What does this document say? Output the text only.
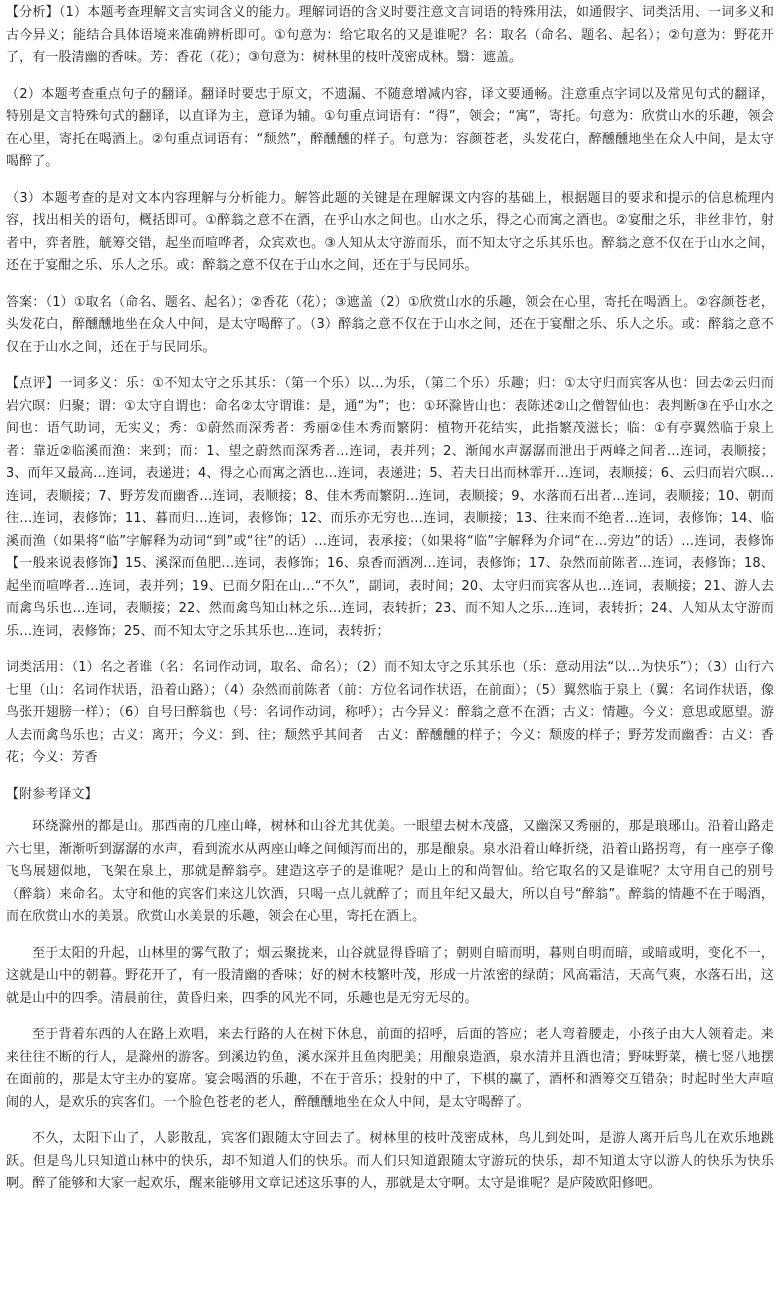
【分析】（1）本题考查理解文言实词含义的能力。理解词语的含义时要注意文言词语的特殊用法，如通假字、词类活用、一词多义和古今异义；能结合具体语境来准确辨析即可。①句意为：给它取名的又是谁呢？名：取名（命名、题名、起名）；②句意为：野花开了，有一股清幽的香味。芳：香花（花）；③句意为：树林里的枝叶茂密成林。翳：遮盖。

（2）本题考查重点句子的翻译。翻译时要忠于原文，不遗漏、不随意增减内容，译文要通畅。注意重点字词以及常见句式的翻译，特别是文言特殊句式的翻译，以直译为主，意译为辅。①句重点词语有：“得”，领会；“寓”，寄托。句意为：欣赏山水的乐趣，领会在心里，寄托在喝酒上。②句重点词语有：“颓然”，醉醺醺的样子。句意为：容颜苍老，头发花白，醉醺醺地坐在众人中间，是太守喝醉了。

（3）本题考查的是对文本内容理解与分析能力。解答此题的关键是在理解课文内容的基础上，根据题目的要求和提示的信息梳理内容，找出相关的语句，概括即可。①醉翁之意不在酒，在乎山水之间也。山水之乐，得之心而寓之酒也。②宴酣之乐，非丝非竹，射者中，弈者胜，觥筹交错，起坐而喧哗者，众宾欢也。③人知从太守游而乐，而不知太守之乐其乐也。醉翁之意不仅在于山水之间，还在于宴酣之乐、乐人之乐。或：醉翁之意不仅在于山水之间，还在于与民同乐。

答案：（1）①取名（命名、题名、起名）；②香花（花）；③遮盖（2）①欣赏山水的乐趣，领会在心里，寄托在喝酒上。②容颜苍老，头发花白，醉醺醺地坐在众人中间，是太守喝醉了。（3）醉翁之意不仅在于山水之间，还在于宴酣之乐、乐人之乐。或：醉翁之意不仅在于山水之间，还在于与民同乐。

【点评】一词多义：乐：①不知太守之乐其乐：（第一个乐）以…为乐，（第二个乐）乐趣；归：①太守归而宾客从也：回去②云归而岩穴暝：归聚；谓：①太守自谓也：命名②太守谓谁：是，通“为”；也：①环滁皆山也：表陈述②山之僧智仙也：表判断③在乎山水之间也：语气助词，无实义；秀：①蔚然而深秀者：秀丽②佳木秀而繁阴：植物开花结实，此指繁茂滋长；临：①有亭翼然临于泉上者：靠近②临溪而渔：来到；而：1、望之蔚然而深秀者…连词，表并列；2、渐闻水声潺潺而泄出于两峰之间者…连词，表顺接；3、而年又最高…连词，表递进；4、得之心而寓之酒也…连词，表递进；5、若夫日出而林霏开…连词，表顺接；6、云归而岩穴暝…连词，表顺接；7、野芳发而幽香…连词，表顺接；8、佳木秀而繁阴…连词，表顺接；9、水落而石出者…连词，表顺接；10、朝而往…连词，表修饰；11、暮而归…连词，表修饰；12、而乐亦无穷也…连词，表顺接；13、往来而不绝者…连词，表修饰；14、临溪而渔（如果将“临”字解释为动词“到”或“往”的话）…连词，表承接；（如果将“临”字解释为介词“在…旁边”的话）…连词，表修饰【一般来说表修饰】15、溪深而鱼肥…连词，表修饰；16、泉香而酒冽…连词，表修饰；17、杂然而前陈者…连词，表修饰；18、起坐而喧哗者…连词，表并列；19、已而夕阳在山…“不久”，副词，表时间；20、太守归而宾客从也…连词，表顺接；21、游人去而禽鸟乐也…连词，表顺接；22、然而禽鸟知山林之乐…连词，表转折；23、而不知人之乐…连词，表转折；24、人知从太守游而乐…连词，表修饰；25、而不知太守之乐其乐也…连词，表转折；

词类活用：（1）名之者谁（名：名词作动词，取名、命名）；（2）而不知太守之乐其乐也（乐：意动用法“以…为快乐”）；（3）山行六七里（山：名词作状语，沿着山路）；（4）杂然而前陈者（前：方位名词作状语，在前面）；（5）翼然临于泉上（翼：名词作状语，像鸟张开翅膀一样）；（6）自号曰醉翁也（号：名词作动词，称呼）；古今异义：醉翁之意不在酒；古义：情趣。今义：意思或愿望。游人去而禽鸟乐也；古义：离开；今义：到、往；颓然乎其间者　古义：醉醺醺的样子；今义：颓废的样子；野芳发而幽香：古义：香花；今义：芳香

【附参考译文】

环绕滁州的都是山。那西南的几座山峰，树林和山谷尤其优美。一眼望去树木茂盛，又幽深又秀丽的，那是琅琊山。沿着山路走六七里，渐渐听到潺潺的水声，看到流水从两座山峰之间倾泻而出的，那是酿泉。泉水沿着山峰折绕，沿着山路拐弯，有一座亭子像飞鸟展翅似地，飞架在泉上，那就是醉翁亭。建造这亭子的是谁呢？是山上的和尚智仙。给它取名的又是谁呢？太守用自己的别号（醉翁）来命名。太守和他的宾客们来这儿饮酒，只喝一点儿就醉了；而且年纪又最大，所以自号“醉翁”。醉翁的情趣不在于喝酒，而在欣赏山水的美景。欣赏山水美景的乐趣，领会在心里，寄托在酒上。

至于太阳的升起，山林里的雾气散了；烟云聚拢来，山谷就显得昏暗了；朝则自暗而明，暮则自明而暗，或暗或明，变化不一，这就是山中的朝暮。野花开了，有一股清幽的香味；好的树木枝繁叶茂，形成一片浓密的绿荫；风高霜洁，天高气爽，水落石出，这就是山中的四季。清晨前往，黄昏归来，四季的风光不同，乐趣也是无穷无尽的。

至于背着东西的人在路上欢唱，来去行路的人在树下休息，前面的招呼，后面的答应；老人弯着腰走，小孩子由大人领着走。来来往往不断的行人，是滁州的游客。到溪边钓鱼，溪水深并且鱼肉肥美；用酿泉造酒，泉水清并且酒也清；野味野菜，横七竖八地摆在面前的，那是太守主办的宴席。宴会喝酒的乐趣，不在于音乐；投射的中了，下棋的赢了，酒杯和酒筹交互错杂；时起时坐大声喧闹的人，是欢乐的宾客们。一个脸色苍老的老人，醉醺醺地坐在众人中间，是太守喝醉了。

不久，太阳下山了，人影散乱，宾客们跟随太守回去了。树林里的枝叶茂密成林，鸟儿到处叫，是游人离开后鸟儿在欢乐地跳跃。但是鸟儿只知道山林中的快乐，却不知道人们的快乐。而人们只知道跟随太守游玩的快乐，却不知道太守以游人的快乐为快乐啊。醉了能够和大家一起欢乐，醒来能够用文章记述这乐事的人，那就是太守啊。太守是谁呢？是庐陵欧阳修吧。
